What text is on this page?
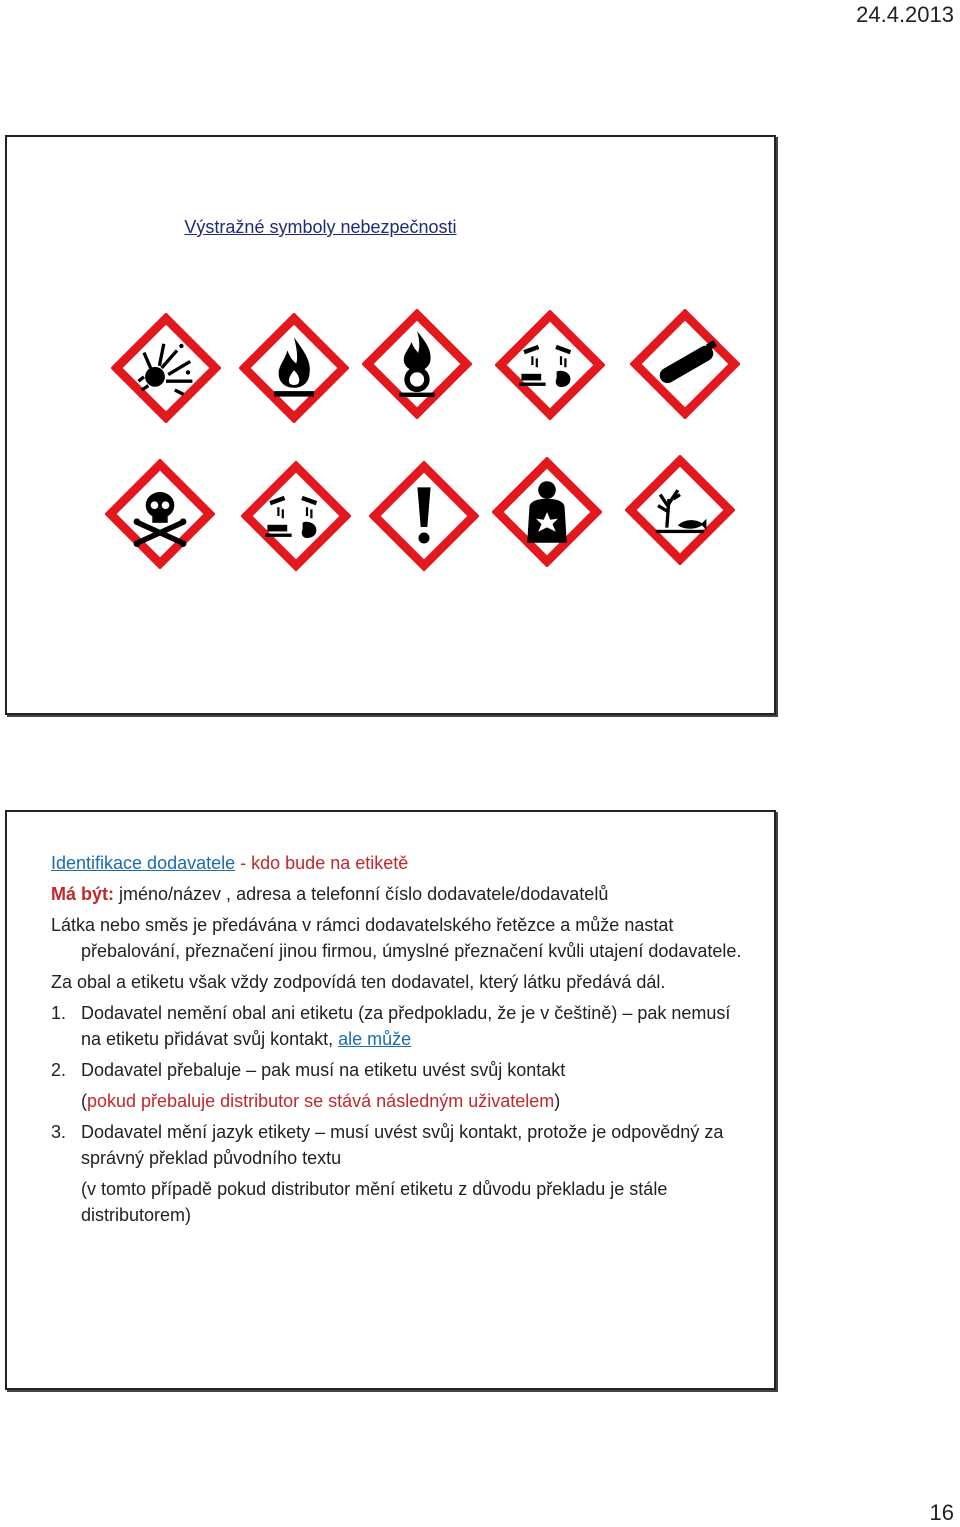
24.4.2013
Výstražné symboly nebezpečnosti
Identifikace dodavatele - kdo bude na etiketě
Má být: jméno/název , adresa a telefonní číslo dodavatele/dodavatelů
Látka nebo směs je předávána v rámci dodavatelského řetězce a může nastat přebalování, přeznačení jinou firmou, úmyslné přeznačení kvůli utajení dodavatele.
Za obal a etiketu však vždy zodpovídá ten dodavatel, který látku předává dál.
1. Dodavatel nemění obal ani etiketu (za předpokladu, že je v češtině) – pak nemusí na etiketu přidávat svůj kontakt, ale může
2. Dodavatel přebaluje – pak musí na etiketu uvést svůj kontakt
(pokud přebaluje distributor se stává následným uživatelem)
3. Dodavatel mění jazyk etikety – musí uvést svůj kontakt, protože je odpovědný za správný překlad původního textu
(v tomto případě pokud distributor mění etiketu z důvodu překladu je stále distributorem)
16
